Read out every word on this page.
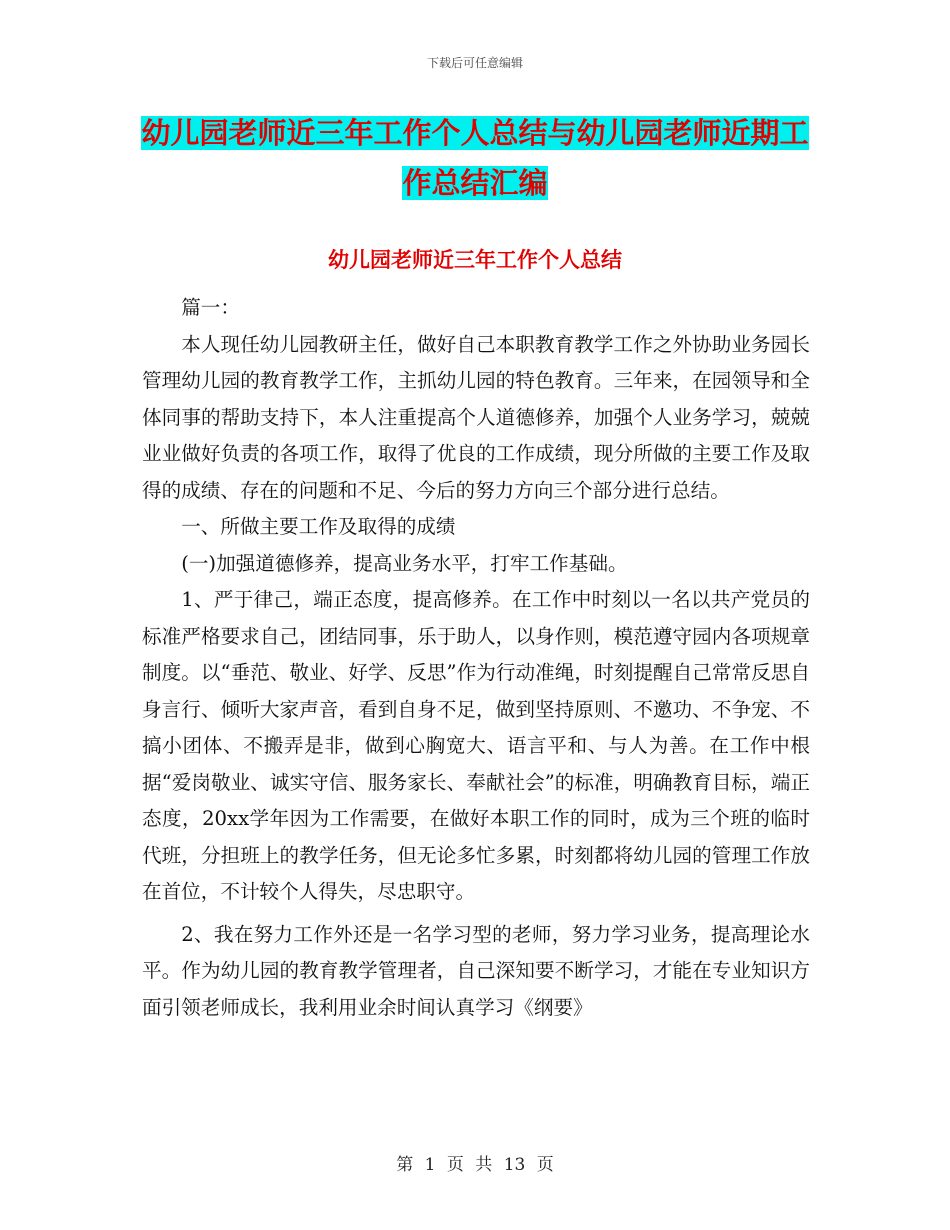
下载后可任意编辑
幼儿园老师近三年工作个人总结与幼儿园老师近期工
作总结汇编
幼儿园老师近三年工作个人总结

篇一：

本人现任幼儿园教研主任，做好自己本职教育教学工作之外协助业务园长管理幼儿园的教育教学工作，主抓幼儿园的特色教育。三年来，在园领导和全体同事的帮助支持下，本人注重提高个人道德修养，加强个人业务学习，兢兢业业做好负责的各项工作，取得了优良的工作成绩，现分所做的主要工作及取得的成绩、存在的问题和不足、今后的努力方向三个部分进行总结。

一、所做主要工作及取得的成绩

(一)加强道德修养，提高业务水平，打牢工作基础。

1、严于律己，端正态度，提高修养。在工作中时刻以一名以共产党员的标准严格要求自己，团结同事，乐于助人，以身作则，模范遵守园内各项规章制度。以“垂范、敬业、好学、反思”作为行动准绳，时刻提醒自己常常反思自身言行、倾听大家声音，看到自身不足，做到坚持原则、不邀功、不争宠、不搞小团体、不搬弄是非，做到心胸宽大、语言平和、与人为善。在工作中根据“爱岗敬业、诚实守信、服务家长、奉献社会”的标准，明确教育目标，端正态度，20xx学年因为工作需要，在做好本职工作的同时，成为三个班的临时代班，分担班上的教学任务，但无论多忙多累，时刻都将幼儿园的管理工作放在首位，不计较个人得失，尽忠职守。

2、我在努力工作外还是一名学习型的老师，努力学习业务，提高理论水平。作为幼儿园的教育教学管理者，自己深知要不断学习，才能在专业知识方面引领老师成长，我利用业余时间认真学习《纲要》

第 1 页 共 13 页
